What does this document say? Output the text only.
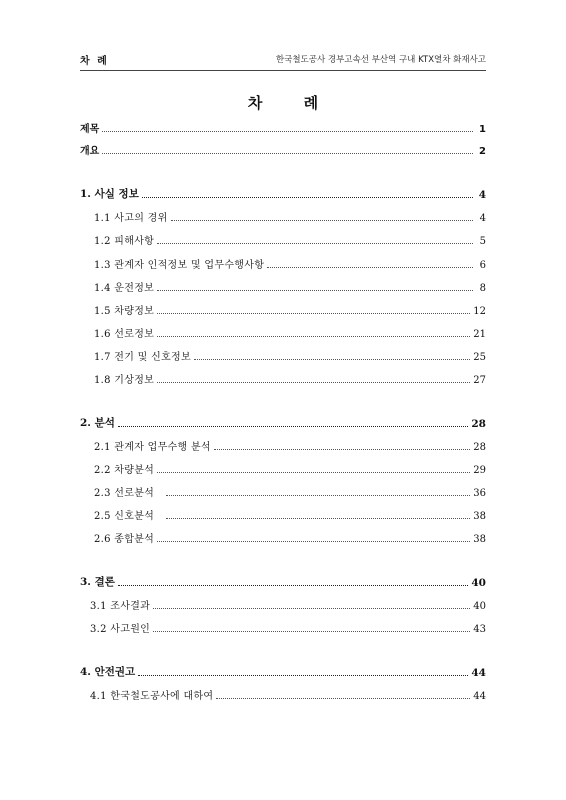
차 례	한국철도공사 경부고속선 부산역 구내 KTX열차 화재사고
차 례
제목	1
개요	2
1. 사실 정보	4
1.1 사고의 경위	4
1.2 피해사항	5
1.3 관계자 인적정보 및 업무수행사항	6
1.4 운전정보	8
1.5 차량정보	12
1.6 선로정보	21
1.7 전기 및 신호정보	25
1.8 기상정보	27
2. 분석	28
2.1 관계자 업무수행 분석	28
2.2 차량분석	29
2.3 선로분석	36
2.5 신호분석	38
2.6 종합분석	38
3. 결론	40
3.1 조사결과	40
3.2 사고원인	43
4. 안전권고	44
4.1 한국철도공사에 대하여	44
